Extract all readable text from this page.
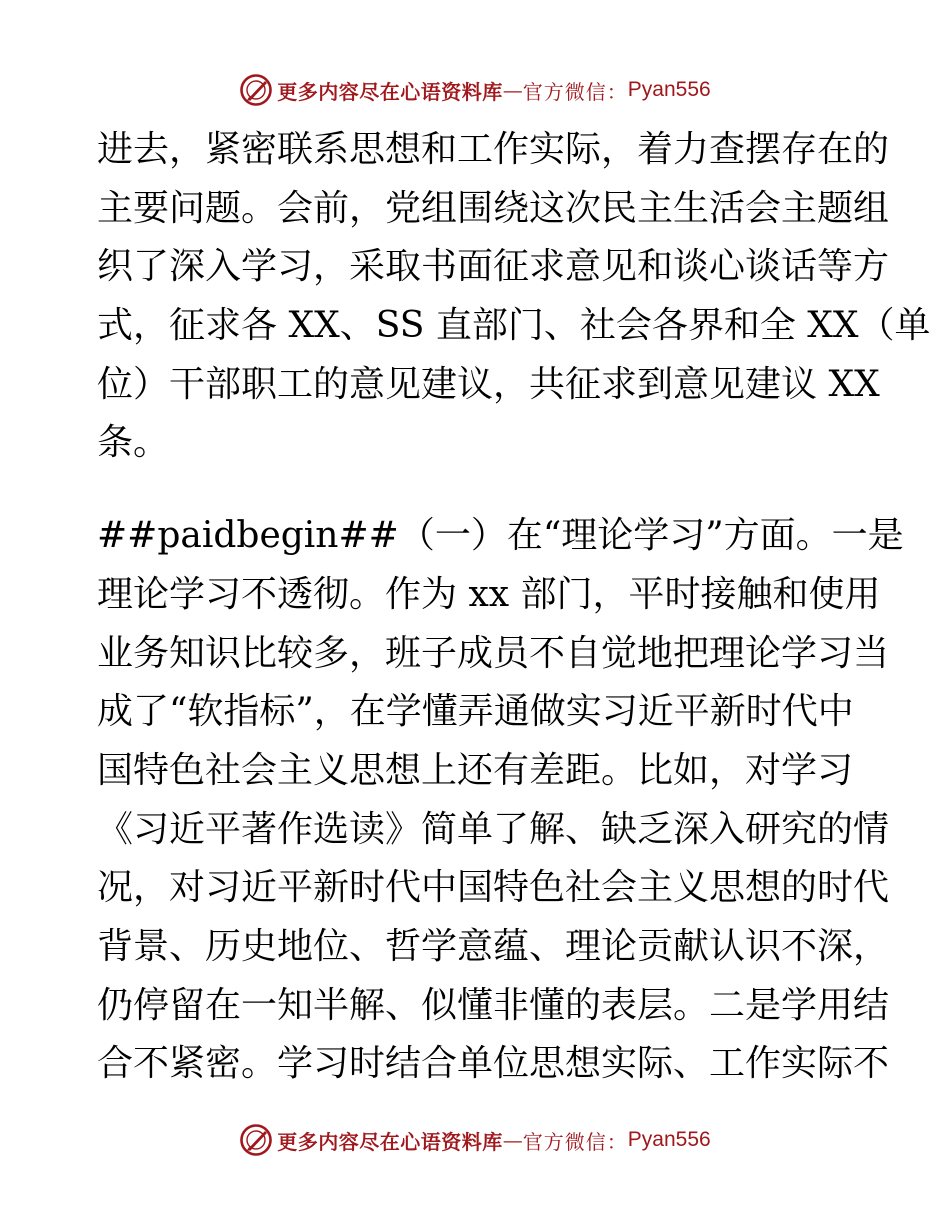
更多内容尽在心语资料库 — 官方微信： Pyan556
进去，紧密联系思想和工作实际，着力查摆存在的
主要问题。会前，党组围绕这次民主生活会主题组
织了深入学习，采取书面征求意见和谈心谈话等方
式，征求各 XX、SS 直部门、社会各界和全 XX（单
位）干部职工的意见建议，共征求到意见建议 XX
条。
##paidbegin##（一）在“理论学习”方面。一是
理论学习不透彻。作为 xx 部门，平时接触和使用
业务知识比较多，班子成员不自觉地把理论学习当
成了“软指标”，在学懂弄通做实习近平新时代中
国特色社会主义思想上还有差距。比如，对学习
《习近平著作选读》简单了解、缺乏深入研究的情
况，对习近平新时代中国特色社会主义思想的时代
背景、历史地位、哲学意蕴、理论贡献认识不深，
仍停留在一知半解、似懂非懂的表层。二是学用结
合不紧密。学习时结合单位思想实际、工作实际不
更多内容尽在心语资料库 — 官方微信： Pyan556
